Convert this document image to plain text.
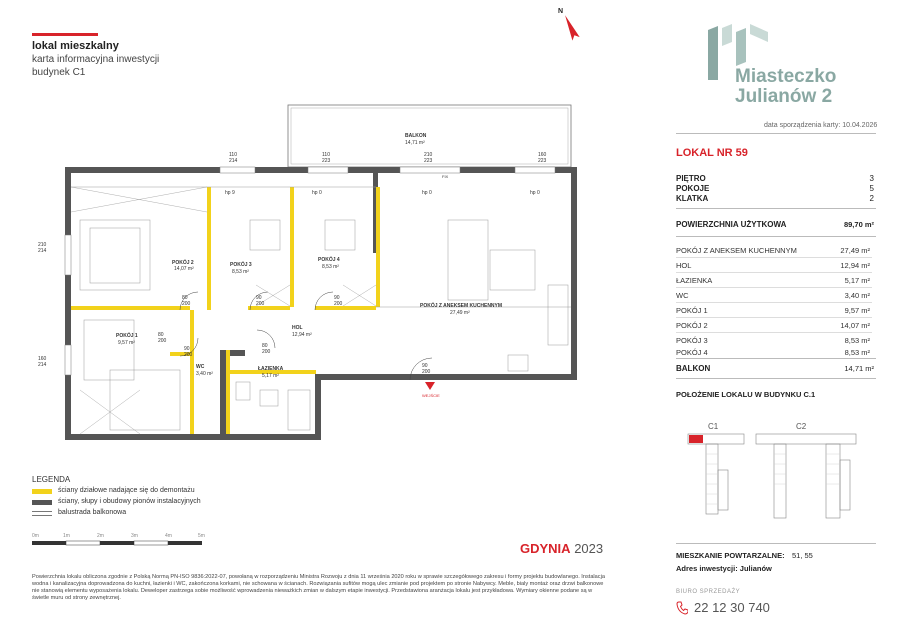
lokal mieszkalny
karta informacyjna inwestycji
budynek C1
N
Miasteczko
Julianów 2
data sporządzenia karty: 10.04.2026
LOKAL NR 59
PIĘTRO	3
POKOJE	5
KLATKA	2
POWIERZCHNIA UŻYTKOWA	89,70 m²
POKÓJ Z ANEKSEM KUCHENNYM	27,49 m²
HOL	12,94 m²
ŁAZIENKA	5,17 m²
WC	3,40 m²
POKÓJ 1	9,57 m²
POKÓJ 2	14,07 m²
POKÓJ 3	8,53 m²
POKÓJ 4	8,53 m²
BALKON	14,71 m²
POŁOŻENIE LOKALU W BUDYNKU C.1
C1	C2
MIESZKANIE POWTARZALNE: 51, 55
Adres inwestycji: Julianów
BIURO SPRZEDAŻY
22 12 30 740
BALKON
14,71 m²
POKÓJ 2
14,07 m²
POKÓJ 3
8,53 m²
POKÓJ 4
8,53 m²
POKÓJ Z ANEKSEM KUCHENNYM
27,49 m²
POKÓJ 1
9,57 m²
HOL
12,94 m²
WC
3,40 m²
ŁAZIENKA
5,17 m²
WEJŚCIE
110
214
110
223
210
223
160
223
210
214
160
214
80
200
90
200
90
200
80
200
90
200
80
200
90
200
hp 9	hp 0	hp 0	hp 0
FIX
LEGENDA
ściany działowe nadające się do demontażu
ściany, słupy i obudowy pionów instalacyjnych
balustrada balkonowa
0m	1m	2m	3m	4m	5m
GDYNIA 2023
Powierzchnia lokalu obliczona zgodnie z Polską Normą PN-ISO 9836:2022-07, powołaną w rozporządzeniu Ministra Rozwoju z dnia 11 września 2020 roku w sprawie szczegółowego zakresu i formy projektu budowlanego. Instalacja wodna i kanalizacyjna doprowadzona do kuchni, łazienki i WC, zakończona korkami, nie schowana w ścianach. Rozwiązania sufitów mogą ulec zmianie pod projektem po stronie Nabywcy. Meble, bialy montaż oraz drzwi balkonowe nie stanowią elementu wyposażenia lokalu. Deweloper zastrzega sobie możliwość wprowadzenia nieważkich zmian w dalszym etapie inwestycji. Przedstawiona aranżacja lokalu jest przykładowa. Wymiary okienne podane są w świetle muru od strony zewnętrznej.
